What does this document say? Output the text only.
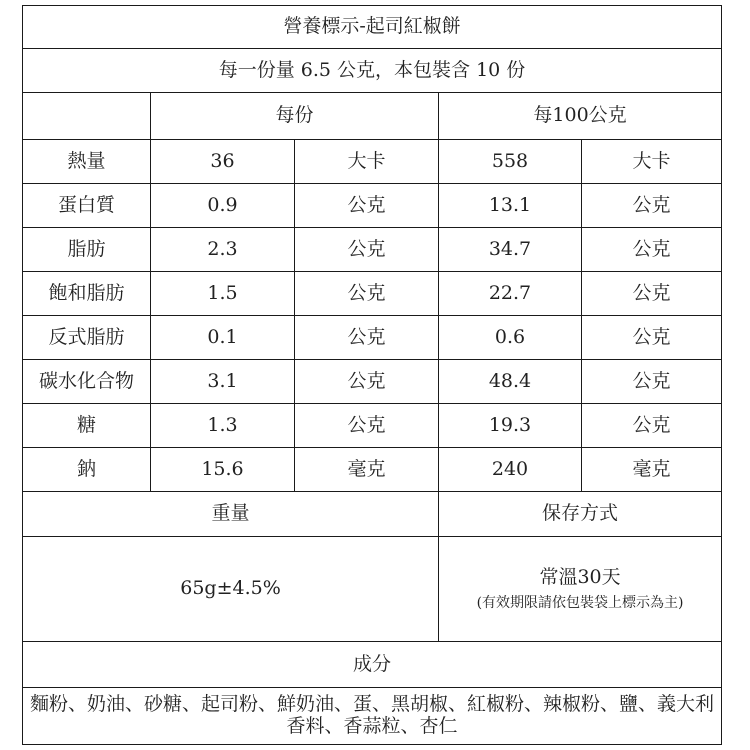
營養標示-起司紅椒餅				
每一份量 6.5 公克，本包裝含 10 份				
	每份		每100公克	
熱量	36	大卡	558	大卡
蛋白質	0.9	公克	13.1	公克
脂肪	2.3	公克	34.7	公克
飽和脂肪	1.5	公克	22.7	公克
反式脂肪	0.1	公克	0.6	公克
碳水化合物	3.1	公克	48.4	公克
糖	1.3	公克	19.3	公克
鈉	15.6	毫克	240	毫克
重量			保存方式	
65g±4.5%			常溫30天
(有效期限請依包裝袋上標示為主)	

成分				
麵粉、奶油、砂糖、起司粉、鮮奶油、蛋、黑胡椒、紅椒粉、辣椒粉、鹽、義大利香料、香蒜粒、杏仁				
